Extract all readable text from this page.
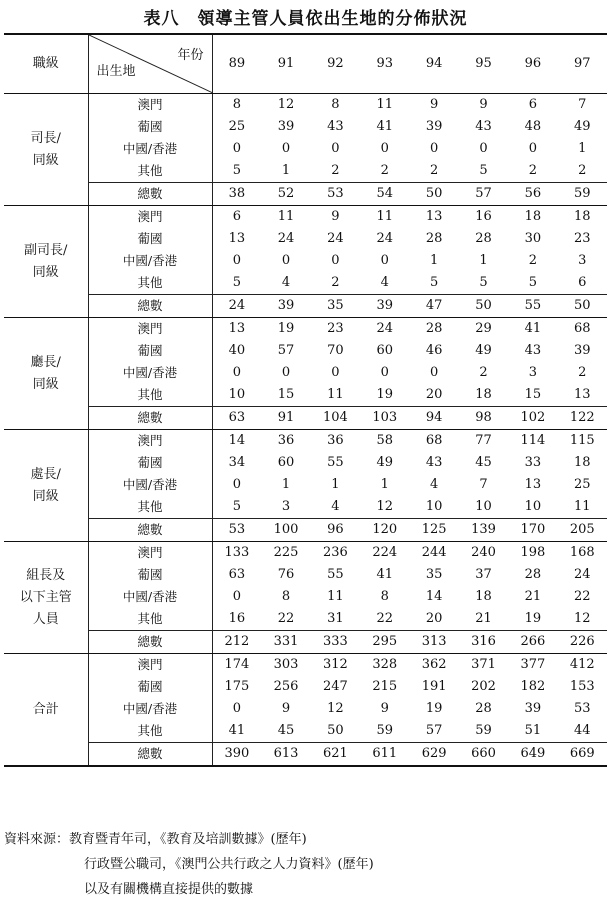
表八　領導主管人員依出生地的分佈狀況
職級	年份
出生地	89	91	92	93	94	95	96	97
司長/
同級	澳門	8	12	8	11	9	9	6	7
	葡國	25	39	43	41	39	43	48	49
	中國/香港	0	0	0	0	0	0	0	1
	其他	5	1	2	2	2	5	2	2
	總數	38	52	53	54	50	57	56	59
副司長/
同級	澳門	6	11	9	11	13	16	18	18
	葡國	13	24	24	24	28	28	30	23
	中國/香港	0	0	0	0	1	1	2	3
	其他	5	4	2	4	5	5	5	6
	總數	24	39	35	39	47	50	55	50
廳長/
同級	澳門	13	19	23	24	28	29	41	68
	葡國	40	57	70	60	46	49	43	39
	中國/香港	0	0	0	0	0	2	3	2
	其他	10	15	11	19	20	18	15	13
	總數	63	91	104	103	94	98	102	122
處長/
同級	澳門	14	36	36	58	68	77	114	115
	葡國	34	60	55	49	43	45	33	18
	中國/香港	0	1	1	1	4	7	13	25
	其他	5	3	4	12	10	10	10	11
	總數	53	100	96	120	125	139	170	205
組長及
以下主管
人員	澳門	133	225	236	224	244	240	198	168
	葡國	63	76	55	41	35	37	28	24
	中國/香港	0	8	11	8	14	18	21	22
	其他	16	22	31	22	20	21	19	12
	總數	212	331	333	295	313	316	266	226
合計	澳門	174	303	312	328	362	371	377	412
	葡國	175	256	247	215	191	202	182	153
	中國/香港	0	9	12	9	19	28	39	53
	其他	41	45	50	59	57	59	51	44
	總數	390	613	621	611	629	660	649	669
資料來源：教育暨青年司，《教育及培訓數據》(歷年)
行政暨公職司，《澳門公共行政之人力資料》(歷年)
以及有關機構直接提供的數據
